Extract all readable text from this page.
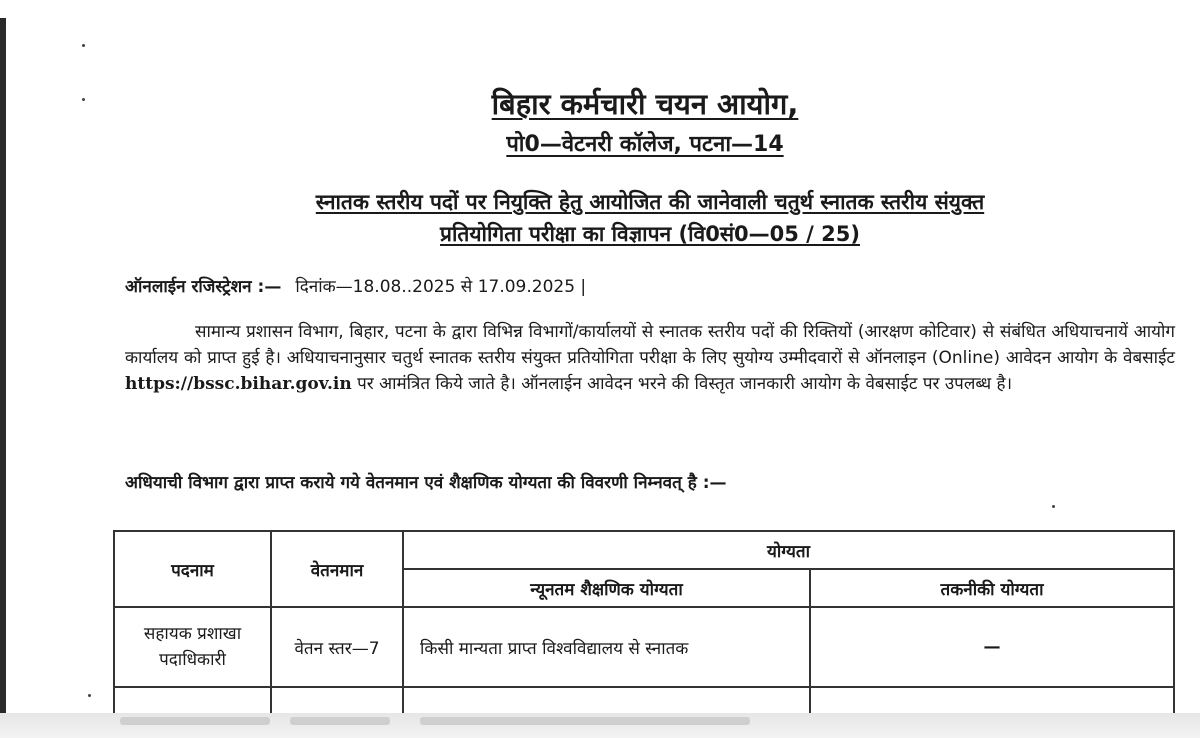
बिहार कर्मचारी चयन आयोग,
पो0—वेटनरी कॉलेज, पटना—14
स्नातक स्तरीय पदों पर नियुक्ति हेतु आयोजित की जानेवाली चतुर्थ स्नातक स्तरीय संयुक्त
प्रतियोगिता परीक्षा का विज्ञापन (वि0सं0—05 / 25)
ऑनलाईन रजिस्ट्रेशन :— दिनांक—18.08..2025 से 17.09.2025 |
सामान्य प्रशासन विभाग, बिहार, पटना के द्वारा विभिन्न विभागों/कार्यालयों से स्नातक स्तरीय पदों की रिक्तियों (आरक्षण कोटिवार) से संबंधित अधियाचनायें आयोग कार्यालय को प्राप्त हुई है। अधियाचनानुसार चतुर्थ स्नातक स्तरीय संयुक्त प्रतियोगिता परीक्षा के लिए सुयोग्य उम्मीदवारों से ऑनलाइन (Online) आवेदन आयोग के वेबसाईट https://bssc.bihar.gov.in पर आमंत्रित किये जाते है। ऑनलाईन आवेदन भरने की विस्तृत जानकारी आयोग के वेबसाईट पर उपलब्ध है।
अधियाची विभाग द्वारा प्राप्त कराये गये वेतनमान एवं शैक्षणिक योग्यता की विवरणी निम्नवत् है :—
पदनाम	वेतनमान	योग्यता	
		न्यूनतम शैक्षणिक योग्यता	तकनीकी योग्यता
सहायक प्रशाखा पदाधिकारी	वेतन स्तर—7	किसी मान्यता प्राप्त विश्वविद्यालय से स्नातक	—
